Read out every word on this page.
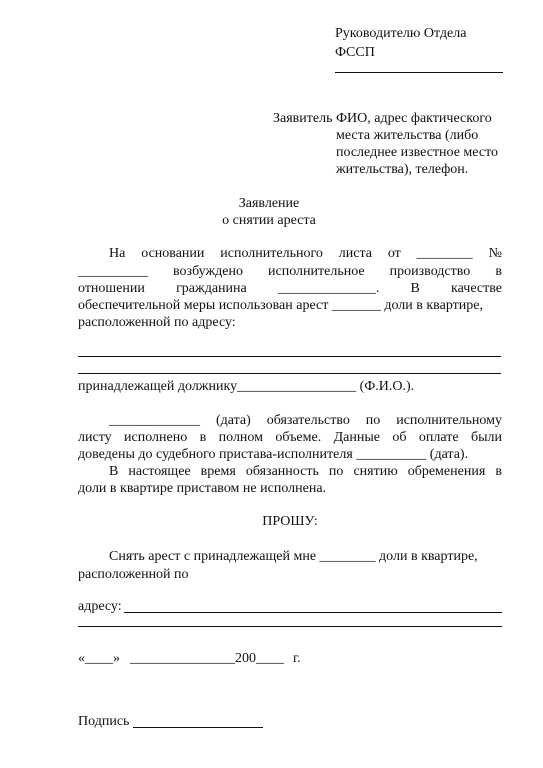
Руководителю Отдела
ФССП
Заявитель ФИО, адрес фактического
места жительства (либо
последнее известное место
жительства), телефон.
Заявление
о снятии ареста
На основании исполнительного листа от ________ №
__________ возбуждено исполнительное производство в
отношении гражданина ______________. В качестве
обеспечительной меры использован арест _______ доли в квартире,
расположенной по адресу:
принадлежащей должнику_________________ (Ф.И.О.).
_____________ (дата) обязательство по исполнительному
листу исполнено в полном объеме. Данные об оплате были
доведены до судебного пристава-исполнителя __________ (дата).
В настоящее время обязанность по снятию обременения в
доли в квартире приставом не исполнена.
ПРОШУ:
Снять арест с принадлежащей мне ________ доли в квартире,
расположенной по
адресу:
«____» _______________ 200____ г.
Подпись
